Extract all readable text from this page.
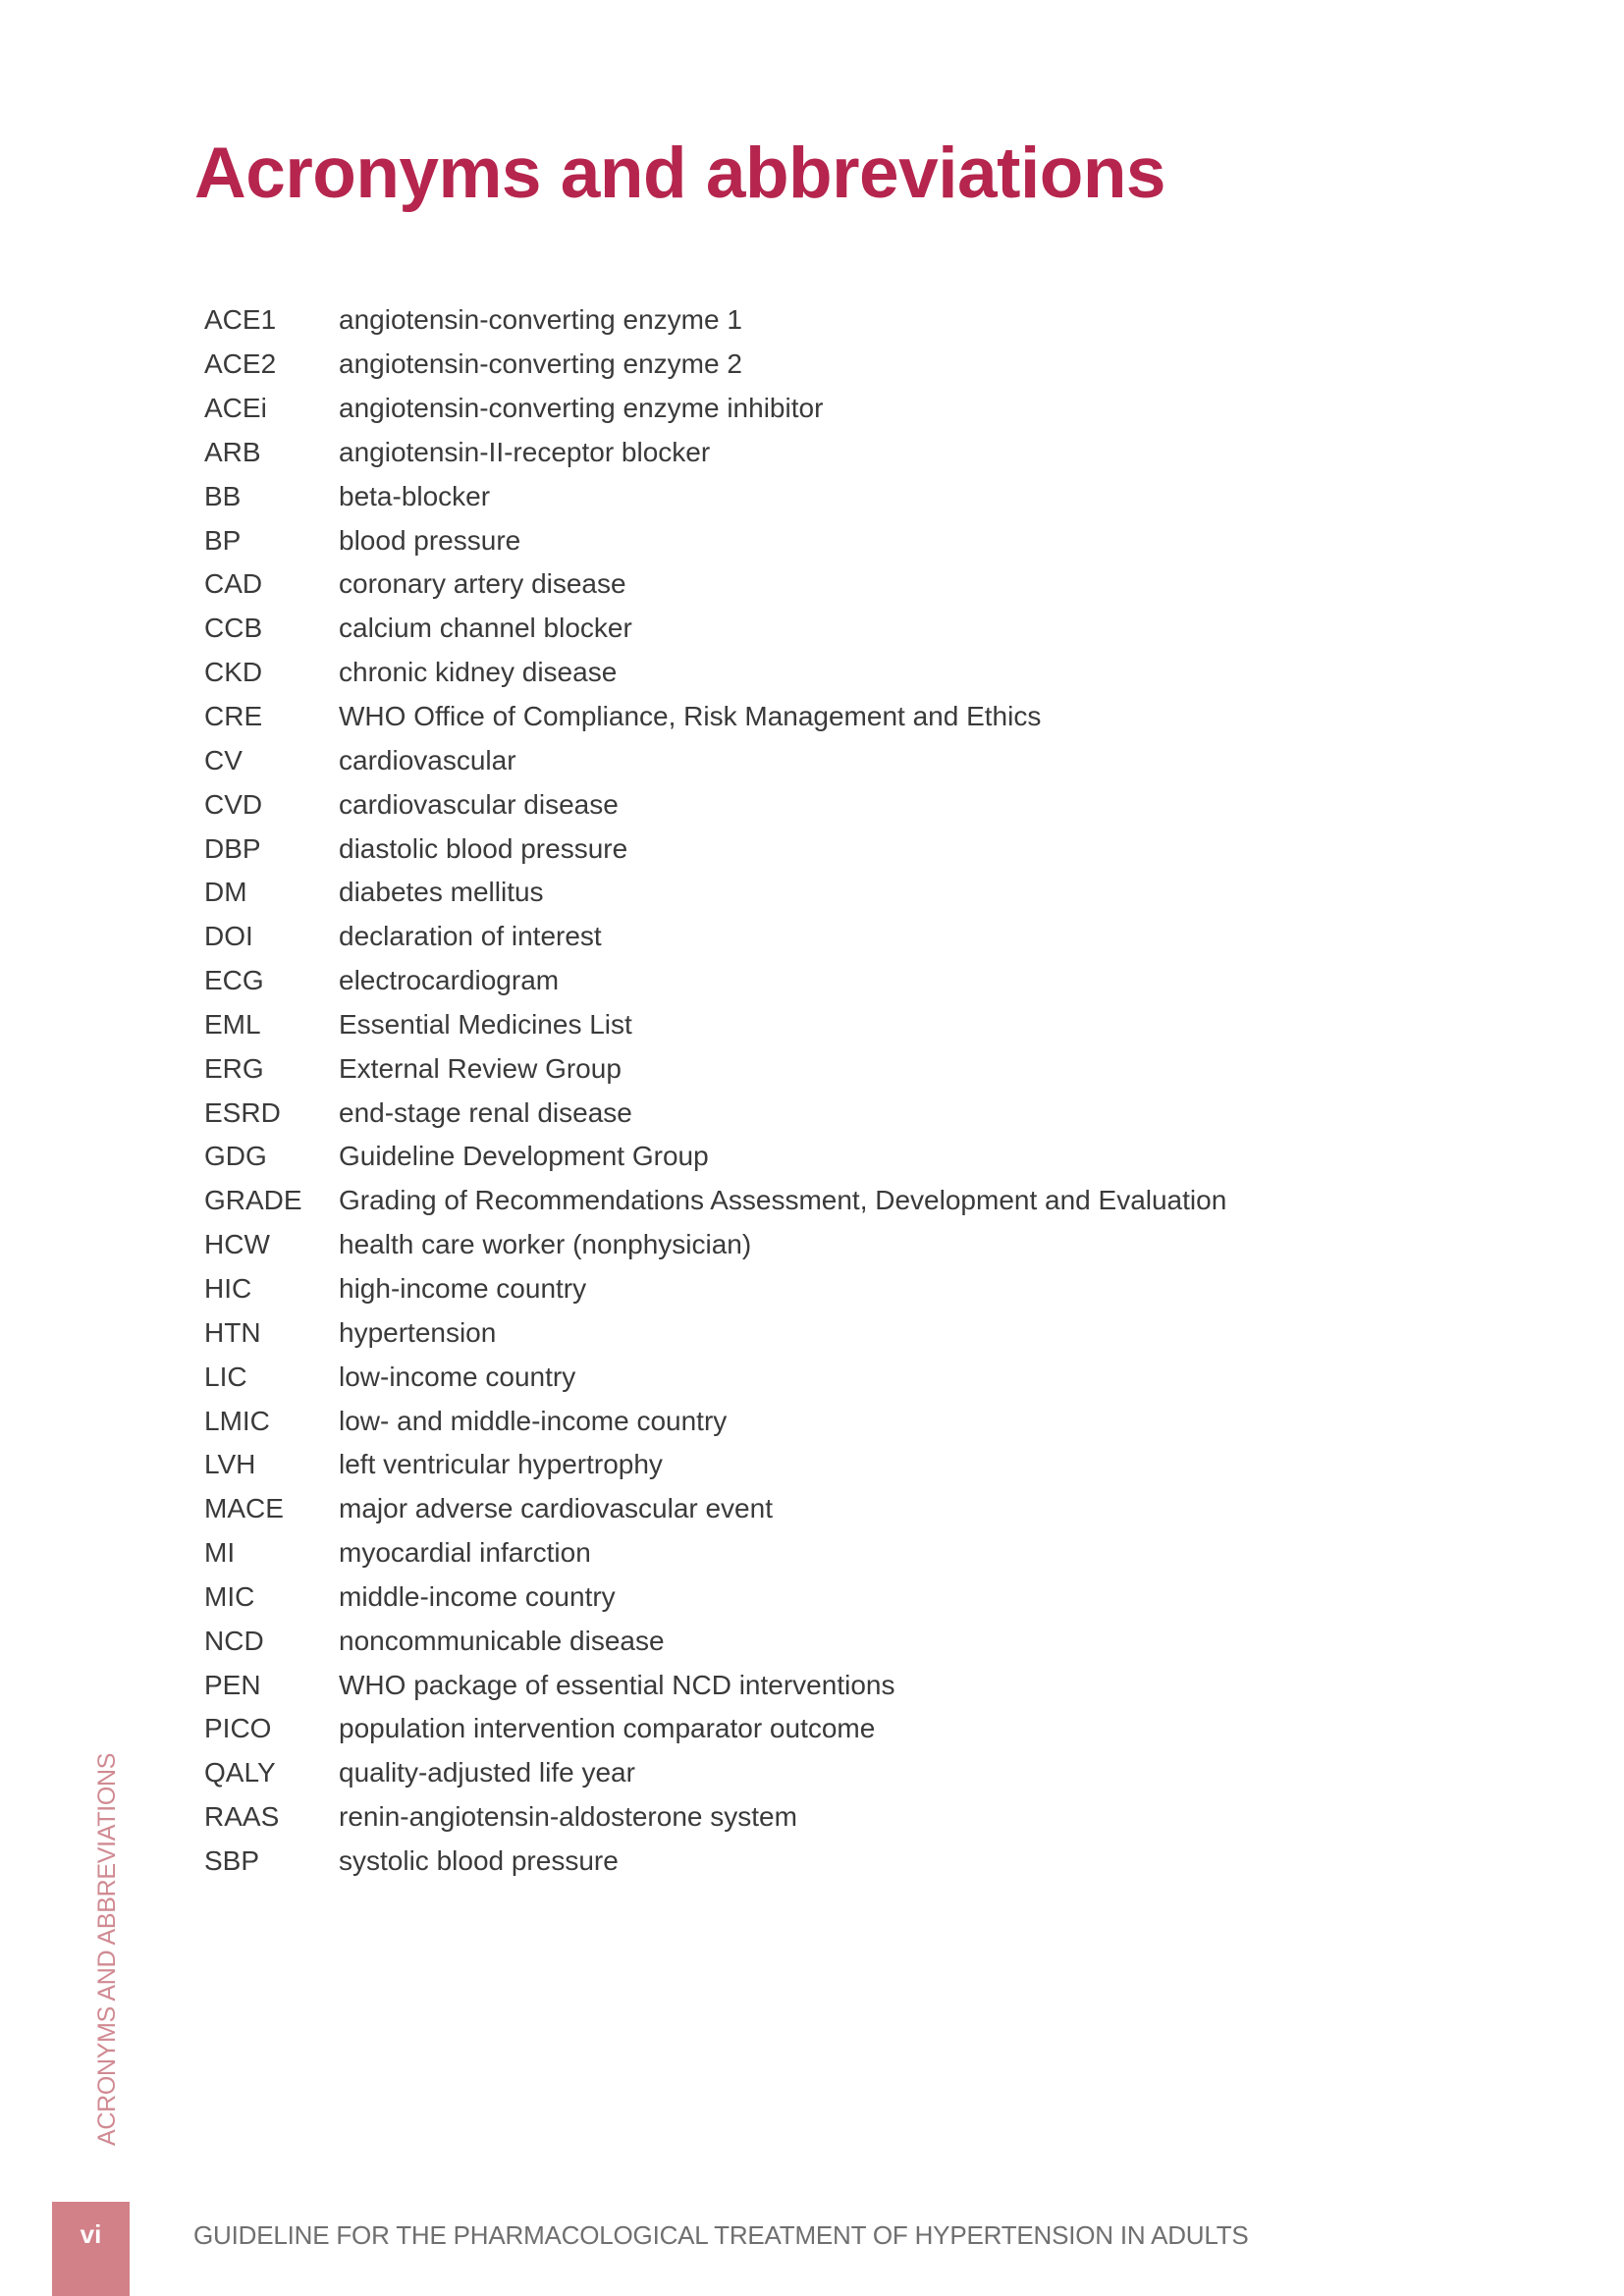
Acronyms and abbreviations
ACE1	angiotensin-converting enzyme 1
ACE2	angiotensin-converting enzyme 2
ACEi	angiotensin-converting enzyme inhibitor
ARB	angiotensin-II-receptor blocker
BB	beta-blocker
BP	blood pressure
CAD	coronary artery disease
CCB	calcium channel blocker
CKD	chronic kidney disease
CRE	WHO Office of Compliance, Risk Management and Ethics
CV	cardiovascular
CVD	cardiovascular disease
DBP	diastolic blood pressure
DM	diabetes mellitus
DOI	declaration of interest
ECG	electrocardiogram
EML	Essential Medicines List
ERG	External Review Group
ESRD	end-stage renal disease
GDG	Guideline Development Group
GRADE	Grading of Recommendations Assessment, Development and Evaluation
HCW	health care worker (nonphysician)
HIC	high-income country
HTN	hypertension
LIC	low-income country
LMIC	low- and middle-income country
LVH	left ventricular hypertrophy
MACE	major adverse cardiovascular event
MI	myocardial infarction
MIC	middle-income country
NCD	noncommunicable disease
PEN	WHO package of essential NCD interventions
PICO	population intervention comparator outcome
QALY	quality-adjusted life year
RAAS	renin-angiotensin-aldosterone system
SBP	systolic blood pressure
ACRONYMS AND ABBREVIATIONS
vi	GUIDELINE FOR THE PHARMACOLOGICAL TREATMENT OF HYPERTENSION IN ADULTS
